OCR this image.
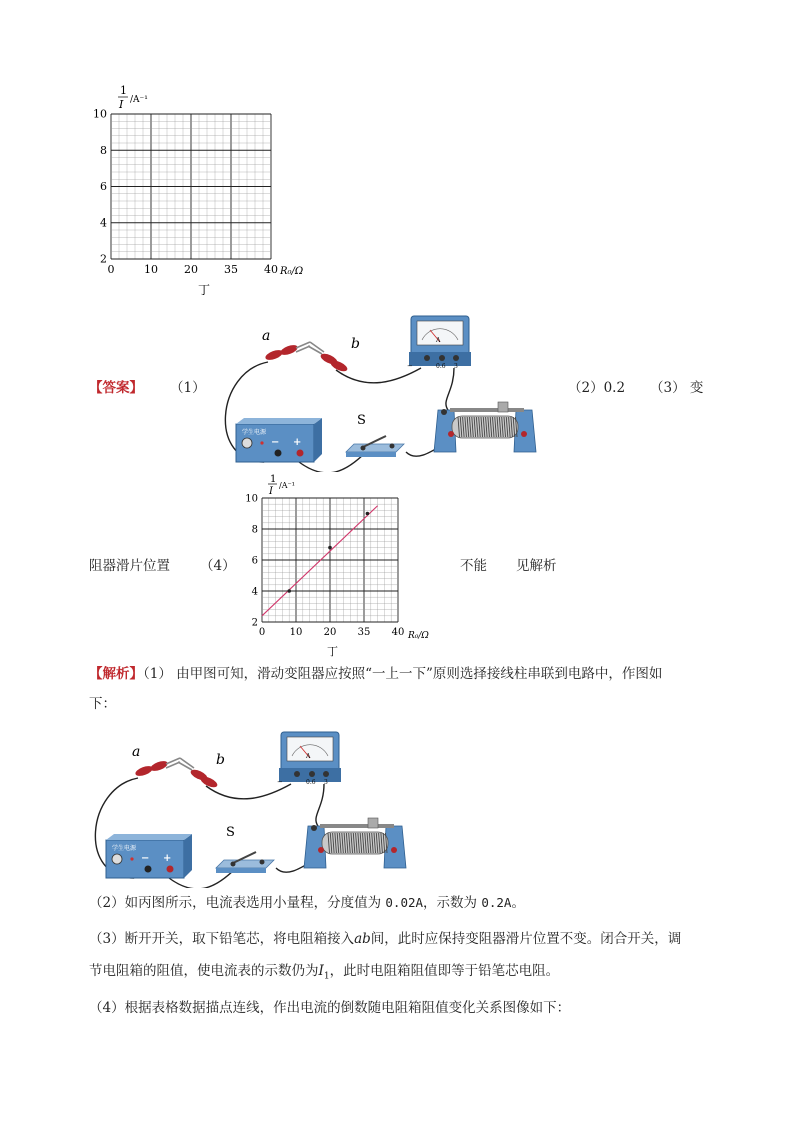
1
I /A⁻¹
R₀/Ω
0	10 20 35 40
2
4
6
8
10
丁
【答案】 （1）	（2）0.2 （3） 变
a	b
S
学生电源
− +
A
−	0.6 3
阻器滑片位置 （4）	不能 见解析
0 10 20 35 40
2
4
6
8
10
1
I
/A⁻¹
R₀/Ω
丁
【解析】（1） 由甲图可知，滑动变阻器应按照“一上一下”原则选择接线柱串联到电路中，作图如
下：
a	b
S
学生电源
− +
A
−	0.6 3
（2）如丙图所示，电流表选用小量程，分度值为 0.02A，示数为 0.2A。
（3）断开开关，取下铅笔芯，将电阻箱接入ab间，此时应保持变阻器滑片位置不变。闭合开关，调
节电阻箱的阻值，使电流表的示数仍为$I_1$，此时电阻箱阻值即等于铅笔芯电阻。
（4）根据表格数据描点连线，作出电流的倒数随电阻箱阻值变化关系图像如下：
